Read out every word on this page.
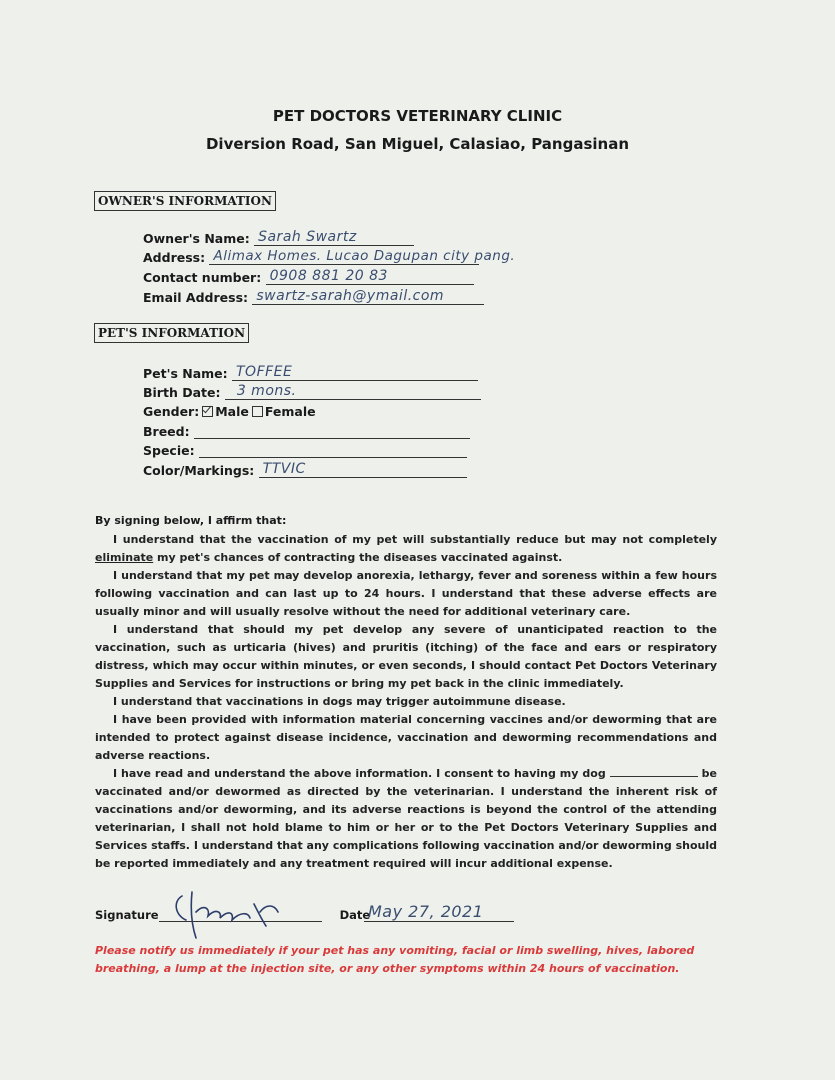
PET DOCTORS VETERINARY CLINIC
Diversion Road, San Miguel, Calasiao, Pangasinan
OWNER'S INFORMATION
Owner's Name: Sarah Swartz
Address: Alimax Homes. Lucao Dagupan city pang.
Contact number: 0908 881 20 83
Email Address: swartz-sarah@ymail.com
PET'S INFORMATION
Pet's Name: TOFFEE
Birth Date: 3 mons.
Gender: Male Female
Breed:
Specie:
Color/Markings: TTVIC
By signing below, I affirm that:

I understand that the vaccination of my pet will substantially reduce but may not completely eliminate my pet's chances of contracting the diseases vaccinated against.

I understand that my pet may develop anorexia, lethargy, fever and soreness within a few hours following vaccination and can last up to 24 hours. I understand that these adverse effects are usually minor and will usually resolve without the need for additional veterinary care.

I understand that should my pet develop any severe of unanticipated reaction to the vaccination, such as urticaria (hives) and pruritis (itching) of the face and ears or respiratory distress, which may occur within minutes, or even seconds, I should contact Pet Doctors Veterinary Supplies and Services for instructions or bring my pet back in the clinic immediately.

I understand that vaccinations in dogs may trigger autoimmune disease.

I have been provided with information material concerning vaccines and/or deworming that are intended to protect against disease incidence, vaccination and deworming recommendations and adverse reactions.

I have read and understand the above information. I consent to having my dog	be vaccinated and/or dewormed as directed by the veterinarian. I understand the inherent risk of vaccinations and/or deworming, and its adverse reactions is beyond the control of the attending veterinarian, I shall not hold blame to him or her or to the Pet Doctors Veterinary Supplies and Services staffs. I understand that any complications following vaccination and/or deworming should be reported immediately and any treatment required will incur additional expense.

Signature	Date
May 27, 2021
Please notify us immediately if your pet has any vomiting, facial or limb swelling, hives, labored breathing, a lump at the injection site, or any other symptoms within 24 hours of vaccination.
